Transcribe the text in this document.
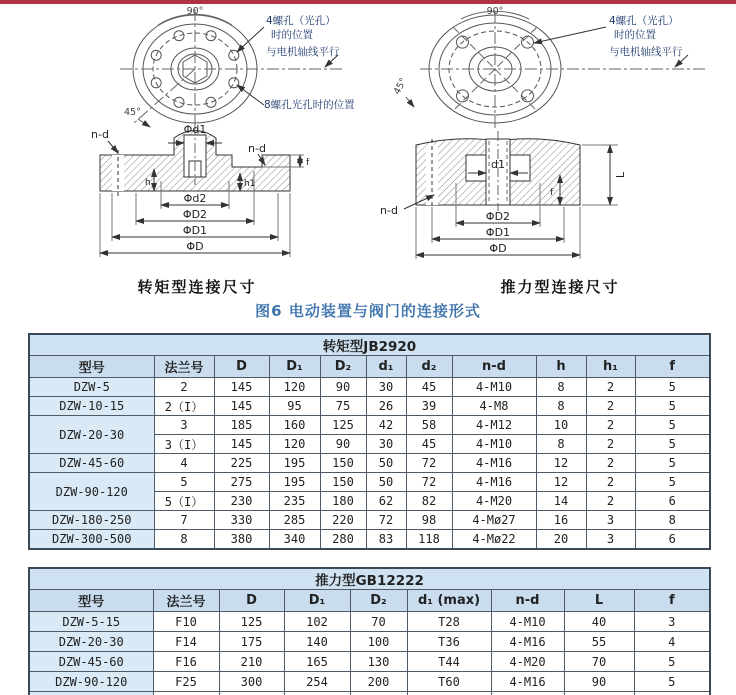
90°
45°
4螺孔（光孔）
时的位置
与电机轴线平行
8螺孔光孔时的位置
n-d
n-d
Φd1
Φd2
ΦD2
ΦD1
ΦD
h	h1
f
90°
45°
4螺孔（光孔）
时的位置
与电机轴线平行
n-d
d1
ΦD2
ΦD1
ΦD
L
f
转矩型连接尺寸	推力型连接尺寸
图6 电动装置与阀门的连接形式
转矩型JB2920										
型号	法兰号	D	D₁	D₂	d₁	d₂	n-d	h	h₁	f
DZW-5	2	145	120	90	30	45	4-M10	8	2	5
DZW-10-15	2（I）	145	95	75	26	39	4-M8	8	2	5
DZW-20-30	3	185	160	125	42	58	4-M12	10	2	5
	3（I）	145	120	90	30	45	4-M10	8	2	5
DZW-45-60	4	225	195	150	50	72	4-M16	12	2	5
DZW-90-120	5	275	195	150	50	72	4-M16	12	2	5
	5（I）	230	235	180	62	82	4-M20	14	2	6
DZW-180-250	7	330	285	220	72	98	4-Mø27	16	3	8
DZW-300-500	8	380	340	280	83	118	4-Mø22	20	3	6
推力型GB12222								
型号	法兰号	D	D₁	D₂	d₁ (max)	n-d	L	f
DZW-5-15	F10	125	102	70	T28	4-M10	40	3
DZW-20-30	F14	175	140	100	T36	4-M16	55	4
DZW-45-60	F16	210	165	130	T44	4-M20	70	5
DZW-90-120	F25	300	254	200	T60	4-M16	90	5
